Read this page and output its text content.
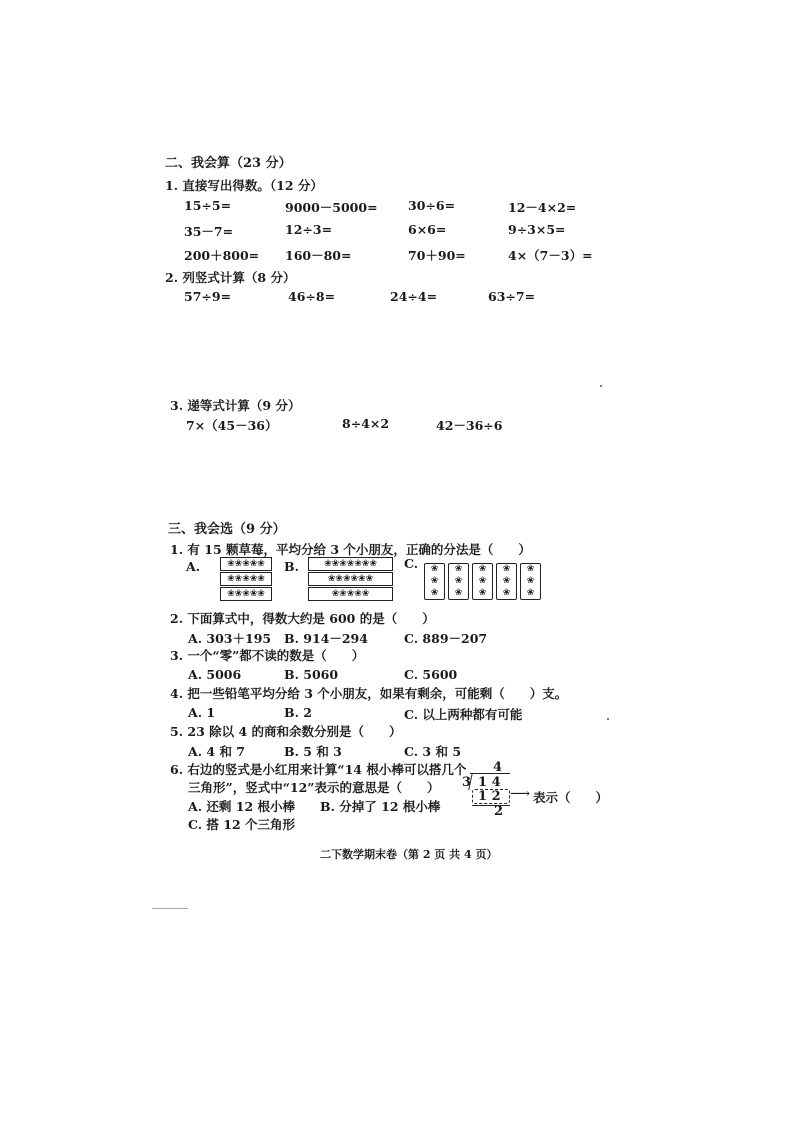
二、我会算（23 分）
1. 直接写出得数。（12 分）
15÷5=	9000－5000= 30÷6=	12－4×2=
35－7=	12÷3=	6×6=	9÷3×5=
200＋800= 160－80=	70＋90=	4×（7－3）=
2. 列竖式计算（8 分）
57÷9=	46÷8=	24÷4=	63÷7=
3. 递等式计算（9 分）
7×（45－36）	8÷4×2	42－36÷6
三、我会选（9 分）
1. 有 15 颗草莓，平均分给 3 个小朋友，正确的分法是（　　）
A.	❀❀❀❀❀
❀❀❀❀❀
❀❀❀❀❀
B.	❀❀❀❀❀❀❀
❀❀❀❀❀❀
❀❀❀❀❀
C. ❀
❀
❀
❀
❀
❀
❀
❀
❀
❀
❀
❀
❀
❀
❀
2. 下面算式中，得数大约是 600 的是（　　）
A. 303＋195 B. 914－294	C. 889－207
3. 一个“零”都不读的数是（　　）
A. 5006	B. 5060	C. 5600
4. 把一些铅笔平均分给 3 个小朋友，如果有剩余，可能剩（　　）支。
A. 1	B. 2	C. 以上两种都有可能
5. 23 除以 4 的商和余数分别是（　　）
A. 4 和 7	B. 5 和 3	C. 3 和 5
6. 右边的竖式是小红用来计算“14 根小棒可以搭几个
三角形”，竖式中“12”表示的意思是（　　）
A. 还剩 12 根小棒 B. 分掉了 12 根小棒
C. 搭 12 个三角形
4
3 1 4
1 2
2
⟶ 表示（　　）
二下数学期末卷（第 2 页 共 4 页）
